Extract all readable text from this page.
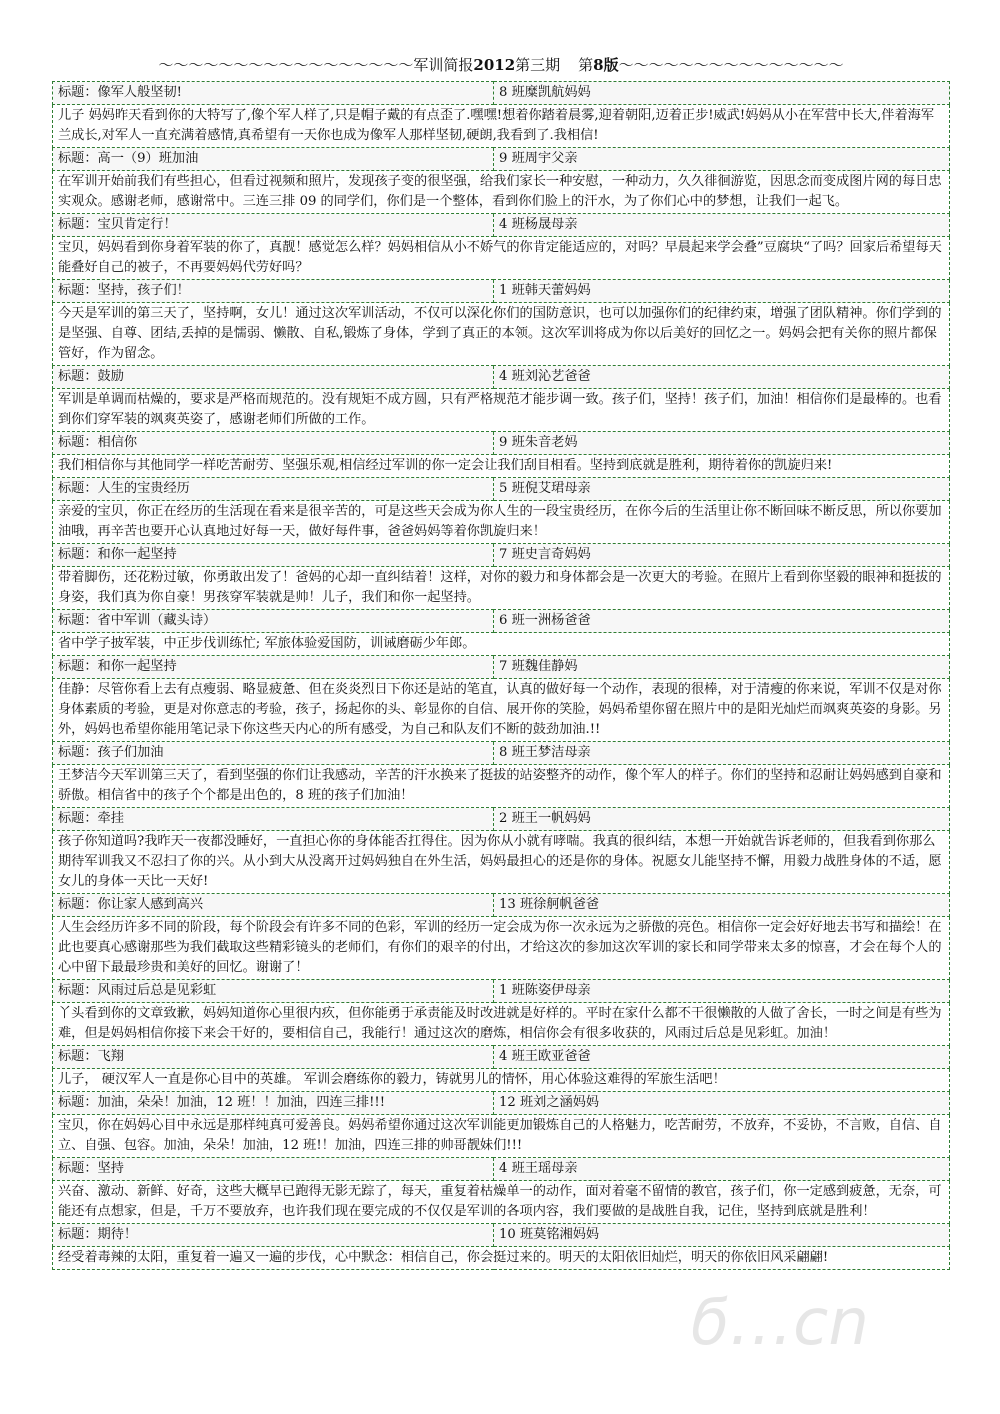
～～～～～～～～～～～～～～～～～军训简报2012第三期 第8版～～～～～～～～～～～～～～～
标题：像军人般坚韧!	8 班糜凯航妈妈
儿子 妈妈昨天看到你的大特写了,像个军人样了,只是帽子戴的有点歪了.嘿嘿!想着你踏着晨雾,迎着朝阳,迈着正步!威武!妈妈从小在军营中长大,伴着海军兰成长,对军人一直充满着感情,真希望有一天你也成为像军人那样坚韧,硬朗,我看到了.我相信!	
标题：高一（9）班加油	9 班周宇父亲
在军训开始前我们有些担心，但看过视频和照片，发现孩子变的很坚强，给我们家长一种安慰，一种动力，久久徘徊游览，因思念而变成图片网的每日忠实观众。感谢老师，感谢常中。三连三排 09 的同学们，你们是一个整体，看到你们脸上的汗水，为了你们心中的梦想，让我们一起飞。	
标题：宝贝肯定行！	4 班杨晟母亲
宝贝，妈妈看到你身着军装的你了，真靓！感觉怎么样？妈妈相信从小不娇气的你肯定能适应的，对吗？早晨起来学会叠”豆腐块“了吗？回家后希望每天能叠好自己的被子，不再要妈妈代劳好吗？	
标题：坚持，孩子们！	1 班韩天蕾妈妈
今天是军训的第三天了，坚持啊，女儿！通过这次军训活动，不仅可以深化你们的国防意识，也可以加强你们的纪律约束，增强了团队精神。你们学到的是坚强、自尊、团结,丢掉的是懦弱、懒散、自私,锻炼了身体，学到了真正的本领。这次军训将成为你以后美好的回忆之一。妈妈会把有关你的照片都保管好，作为留念。	
标题：鼓励	4 班刘沁艺爸爸
军训是单调而枯燥的，要求是严格而规范的。没有规矩不成方圆，只有严格规范才能步调一致。孩子们，坚持！孩子们，加油！相信你们是最棒的。也看到你们穿军装的飒爽英姿了，感谢老师们所做的工作。	
标题：相信你	9 班朱音老妈
我们相信你与其他同学一样吃苦耐劳、坚强乐观,相信经过军训的你一定会让我们刮目相看。坚持到底就是胜利，期待着你的凯旋归来!	
标题：人生的宝贵经历	5 班倪艾珺母亲
亲爱的宝贝，你正在经历的生活现在看来是很辛苦的，可是这些天会成为你人生的一段宝贵经历，在你今后的生活里让你不断回味不断反思，所以你要加油哦，再辛苦也要开心认真地过好每一天，做好每件事，爸爸妈妈等着你凯旋归来！	
标题：和你一起坚持	7 班史言奇妈妈
带着脚伤，还花粉过敏，你勇敢出发了！爸妈的心却一直纠结着！这样，对你的毅力和身体都会是一次更大的考验。在照片上看到你坚毅的眼神和挺拔的身姿，我们真为你自豪！男孩穿军装就是帅！儿子，我们和你一起坚持。	
标题：省中军训（藏头诗）	6 班一洲杨爸爸
省中学子披军装，中正步伐训练忙; 军旅体验爱国防，训诫磨砺少年郎。	
标题：和你一起坚持	7 班魏佳静妈
佳静：尽管你看上去有点瘦弱、略显疲惫、但在炎炎烈日下你还是站的笔直，认真的做好每一个动作，表现的很棒，对于清瘦的你来说，军训不仅是对你身体素质的考验，更是对你意志的考验，孩子，扬起你的头、彰显你的自信、展开你的笑脸，妈妈希望你留在照片中的是阳光灿烂而飒爽英姿的身影。另外，妈妈也希望你能用笔记录下你这些天内心的所有感受，为自己和队友们不断的鼓劲加油.!!	
标题：孩子们加油	8 班王梦洁母亲
王梦洁今天军训第三天了，看到坚强的你们让我感动，辛苦的汗水换来了挺拔的站姿整齐的动作，像个军人的样子。你们的坚持和忍耐让妈妈感到自豪和骄傲。相信省中的孩子个个都是出色的，8 班的孩子们加油！	
标题：牵挂	2 班王一帆妈妈
孩子你知道吗?我昨天一夜都没睡好，一直担心你的身体能否扛得住。因为你从小就有哮喘。我真的很纠结，本想一开始就告诉老师的，但我看到你那么期待军训我又不忍扫了你的兴。从小到大从没离开过妈妈独自在外生活，妈妈最担心的还是你的身体。祝愿女儿能坚持不懈，用毅力战胜身体的不适，愿女儿的身体一天比一天好!	
标题：你让家人感到高兴	13 班徐舸帆爸爸
人生会经历许多不同的阶段，每个阶段会有许多不同的色彩，军训的经历一定会成为你一次永远为之骄傲的亮色。相信你一定会好好地去书写和描绘！在此也要真心感谢那些为我们截取这些精彩镜头的老师们，有你们的艰辛的付出，才给这次的参加这次军训的家长和同学带来太多的惊喜，才会在每个人的心中留下最最珍贵和美好的回忆。谢谢了！	
标题：风雨过后总是见彩虹	1 班陈姿伊母亲
丫头看到你的文章致歉，妈妈知道你心里很内疚，但你能勇于承责能及时改进就是好样的。平时在家什么都不干很懒散的人做了舍长，一时之间是有些为难，但是妈妈相信你接下来会干好的，要相信自己，我能行！通过这次的磨炼，相信你会有很多收获的，风雨过后总是见彩虹。加油！	
标题：飞翔	4 班王欧亚爸爸
儿子， 硬汉军人一直是你心目中的英雄。 军训会磨练你的毅力，铸就男儿的情怀，用心体验这难得的军旅生活吧！	
标题：加油，朵朵！加油，12 班！！加油，四连三排!!!	12 班刘之涵妈妈
宝贝，你在妈妈心目中永远是那样纯真可爱善良。妈妈希望你通过这次军训能更加锻炼自己的人格魅力，吃苦耐劳，不放弃，不妥协，不言败，自信、自立、自强、包容。加油，朵朵！加油，12 班!！加油，四连三排的帅哥靓妹们!!!	
标题：坚持	4 班王瑶母亲
兴奋、激动、新鲜、好奇，这些大概早已跑得无影无踪了，每天，重复着枯燥单一的动作，面对着毫不留情的教官，孩子们，你一定感到疲惫，无奈，可能还有点想家，但是，千万不要放弃，也许我们现在要完成的不仅仅是军训的各项内容，我们要做的是战胜自我，记住，坚持到底就是胜利！	
标题：期待！	10 班莫铭湘妈妈
经受着毒辣的太阳，重复着一遍又一遍的步伐，心中默念：相信自己，你会挺过来的。明天的太阳依旧灿烂，明天的你依旧风采翩翩!	
ϭ…cn
